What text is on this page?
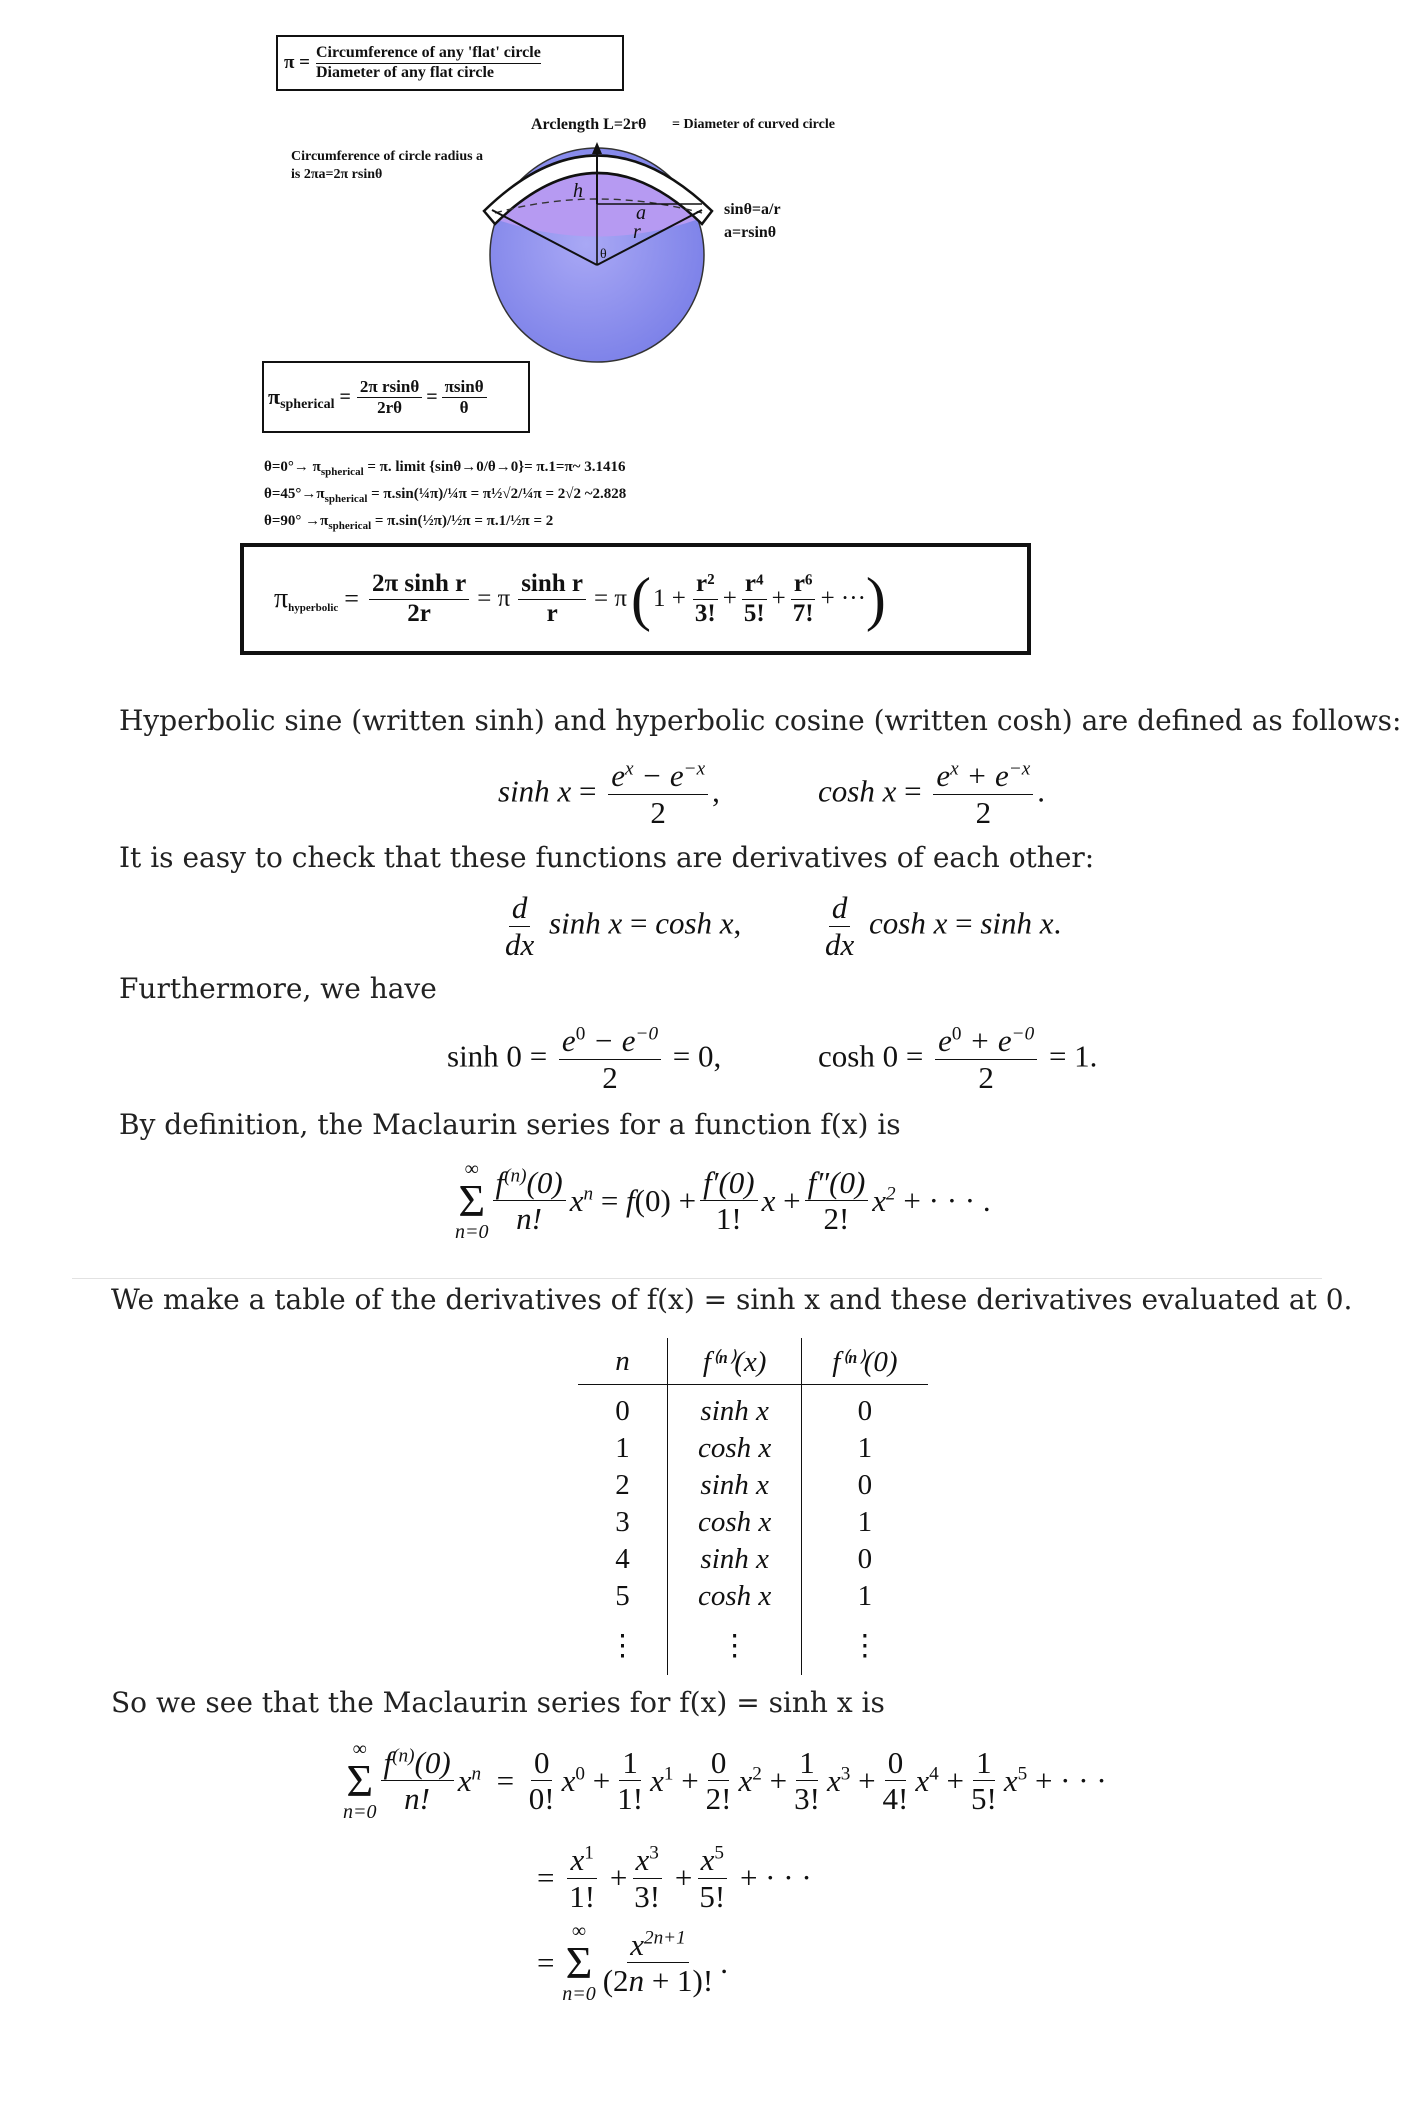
π = Circumference of any 'flat' circle
Diameter of any flat circle
Arclength L=2rθ = Diameter of curved circle
Circumference of circle radius a
is 2πa=2π rsinθ
sinθ=a/r
a=rsinθ
h
a
r
θ
π spherical = $\frac{\text{2π rsinθ}}{2r\theta} = \frac{\pi\sin\theta}{\theta}$
$\theta=0^\circ\to \pi_{spherical} = \pi$. limit {sinθ→0/θ→0}= π.1=π~ 3.1416
$\theta=45^\circ\to\pi_{spherical}$ = π.sin(¼π)/¼π = π½√2/¼π = 2√2 ~2.828
$\theta=90^\circ \to\pi_{spherical}$ = π.sin(½π)/½π = π.1/½π = 2
π hyperbolic = $\frac{\text{2π sinh r}}{2r} = \pi \frac{\text{sinh r}}{r} = \pi$ ( $1 + \frac{\text{r²}}{3!} + \frac{\text{r⁴}}{5!} + \frac{\text{r⁶}}{7!}$ + ··· )
Hyperbolic sine (written sinh) and hyperbolic cosine (written cosh) are defined as follows:
$\sinh x = \frac{e^x - e^{-x}}{2}$ ,	$\cosh x = \frac{e^x + e^{-x}}{2}$ .
It is easy to check that these functions are derivatives of each other:
$\frac{d}{dx}$ sinh x = cosh x,	$\frac{d}{dx}$ cosh x = sinh x.
Furthermore, we have
$\sinh 0 = \frac{e^0 - e^{-0}}{2} = 0$,	$\cosh 0 = \frac{e^0 + e^{-0}}{2} = 1$.
By definition, the Maclaurin series for a function f(x) is
∞
Σ
$n=0 \frac{f^{(n)}(0)}{n!} x^n = f$ $(0) + \frac{f'(0)}{1!}$ $x + \frac{f''(0)}{2!} x^2$ + · · · .
We make a table of the derivatives of f(x) = sinh x and these derivatives evaluated at 0.
n	f⁽ⁿ⁾(x)	f⁽ⁿ⁾(0)
0	sinh x	0
1	cosh x	1
2	sinh x	0
3	cosh x	1
4	sinh x	0
5	cosh x	1
⋮	⋮	⋮
So we see that the Maclaurin series for f(x) = sinh x is
∞
Σ
$n=0 \frac{f^{(n)}(0)}{n!} x^n = \frac{0}{0!} x^0 + \frac{1}{1!} x^1 + \frac{0}{2!} x^2 + \frac{1}{3!} x^3 + \frac{0}{4!} x^4 + \frac{1}{5!} x^5$ + · · ·
= $\frac{x^1}{1!} + \frac{x^3}{3!} + \frac{x^5}{5!}$ + · · ·
=
∞
Σ
$n=0 \frac{x^{2n+1}}{(2n + 1)!}$ .
